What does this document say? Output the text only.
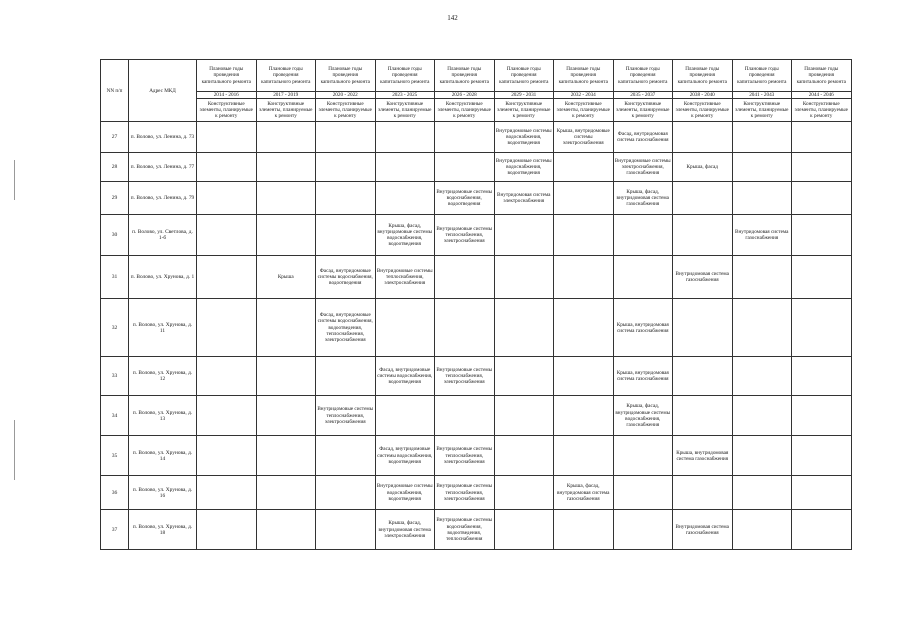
142
NN п/п	Адрес МКД	Плановые годы проведения капитального ремонта	Плановые годы проведения капитального ремонта	Плановые годы проведения капитального ремонта	Плановые годы проведения капитального ремонта	Плановые годы проведения капитального ремонта	Плановые годы проведения капитального ремонта	Плановые годы проведения капитального ремонта	Плановые годы проведения капитального ремонта	Плановые годы проведения капитального ремонта	Плановые годы проведения капитального ремонта	Плановые годы проведения капитального ремонта
		2014 - 2016	2017 - 2019	2020 - 2022	2023 - 2025	2026 - 2028	2029 - 2031	2032 - 2034	2035 - 2037	2038 - 2040	2041 - 2043	2044 - 2046
		Конструктивные элементы, планируемые к ремонту	Конструктивные элементы, планируемые к ремонту	Конструктивные элементы, планируемые к ремонту	Конструктивные элементы, планируемые к ремонту	Конструктивные элементы, планируемые к ремонту	Конструктивные элементы, планируемые к ремонту	Конструктивные элементы, планируемые к ремонту	Конструктивные элементы, планируемые к ремонту	Конструктивные элементы, планируемые к ремонту	Конструктивные элементы, планируемые к ремонту	Конструктивные элементы, планируемые к ремонту
27	п. Волово, ул. Ленина, д. 73						Внутридомовые системы водоснабжения, водоотведения	Крыша, внутридомовые системы электроснабжения	Фасад, внутридомовая система газоснабжения			
28	п. Волово, ул. Ленина, д. 77						Внутридомовые системы водоснабжения, водоотведения		Внутридомовые системы электроснабжения, газоснабжения	Крыша, фасад		
29	п. Волово, ул. Ленина, д. 79					Внутридомовые системы водоснабжения, водоотведения	Внутридомовая система электроснабжения		Крыша, фасад, внутридомовая система газоснабжения			
30	п. Волово, ул. Светлова, д. 1-б				Крыша, фасад, внутридомовые системы водоснабжения, водоотведения	Внутридомовые системы теплоснабжения, электроснабжения					Внутридомовая система газоснабжения	
31	п. Волово, ул. Хрунова, д. 1		Крыша	Фасад, внутридомовые системы водоснабжения, водоотведения	Внутридомовые системы теплоснабжения, электроснабжения					Внутридомовая система газоснабжения		
32	п. Волово, ул. Хрунова, д. 11			Фасад, внутридомовые системы водоснабжения, водоотведения, теплоснабжения, электроснабжения					Крыша, внутридомовая система газоснабжения			
33	п. Волово, ул. Хрунова, д. 12				Фасад, внутридомовые системы водоснабжения, водоотведения	Внутридомовые системы теплоснабжения, электроснабжения			Крыша, внутридомовая система газоснабжения			
34	п. Волово, ул. Хрунова, д. 13			Внутридомовые системы теплоснабжения, электроснабжения					Крыша, фасад, внутридомовые системы водоснабжения, газоснабжения			
35	п. Волово, ул. Хрунова, д. 14				Фасад, внутридомовые системы водоснабжения, водоотведения	Внутридомовые системы теплоснабжения, электроснабжения				Крыша, внутридомовая система газоснабжения		
36	п. Волово, ул. Хрунова, д. 16				Внутридомовые системы водоснабжения, водоотведения	Внутридомовые системы теплоснабжения, электроснабжения		Крыша, фасад, внутридомовая система газоснабжения				
37	п. Волово, ул. Хрунова, д. 18				Крыша, фасад, внутридомовая система электроснабжения	Внутридомовые системы водоснабжения, водоотведения, теплоснабжения				Внутридомовая система газоснабжения		
